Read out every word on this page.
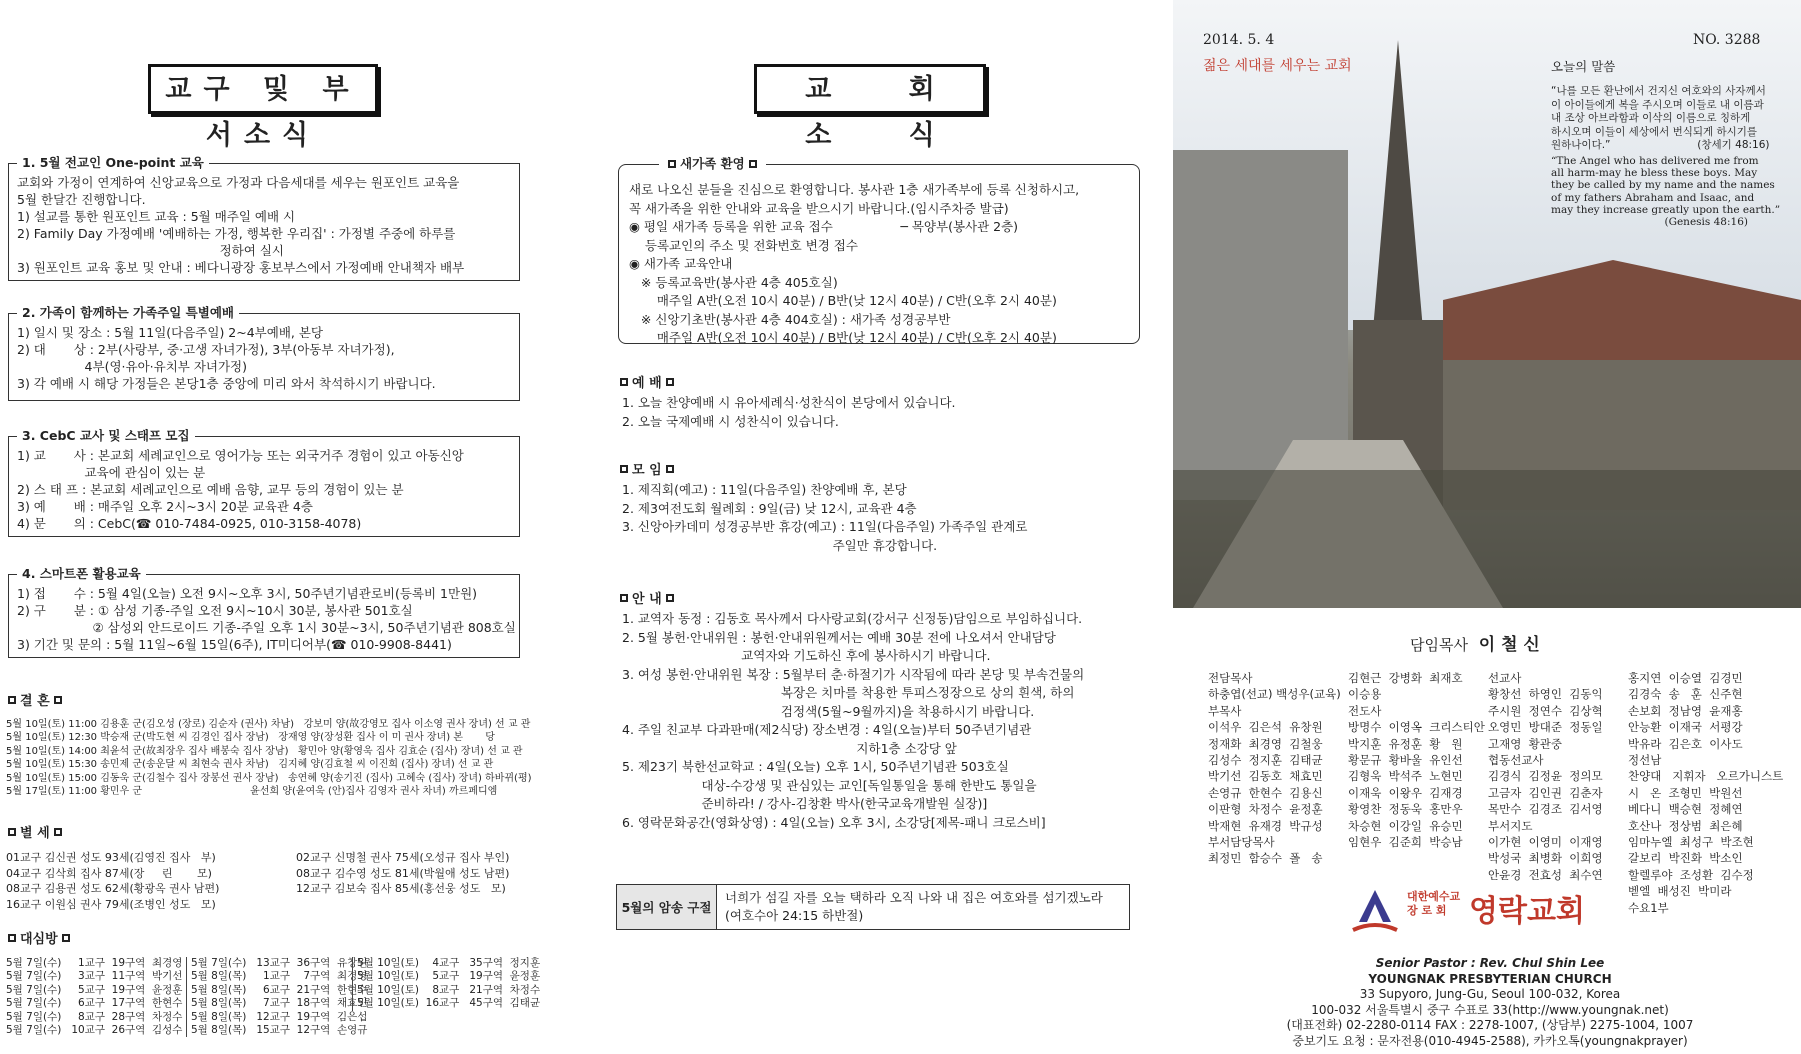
교구 및 부서소식
1. 5월 전교인 One-point 교육
교회와 가정이 연계하여 신앙교육으로 가정과 다음세대를 세우는 원포인트 교육을
5월 한달간 진행합니다.
1) 설교를 통한 원포인트 교육 : 5월 매주일 예배 시
2) Family Day 가정예배 '예배하는 가정, 행복한 우리집' : 가정별 주중에 하루를
정하여 실시
3) 원포인트 교육 홍보 및 안내 : 베다니광장 홍보부스에서 가정예배 안내책자 배부
2. 가족이 함께하는 가족주일 특별예배
1) 일시 및 장소 : 5월 11일(다음주일) 2~4부예배, 본당
2) 대       상 : 2부(사랑부, 중·고생 자녀가정), 3부(아동부 자녀가정),
4부(영·유아·유치부 자녀가정)
3) 각 예배 시 해당 가정들은 본당1층 중앙에 미리 와서 착석하시기 바랍니다.
3. CebC 교사 및 스태프 모집
1) 교       사 : 본교회 세례교인으로 영어가능 또는 외국거주 경험이 있고 아동신앙
교육에 관심이 있는 분
2) 스 태 프 : 본교회 세례교인으로 예배 음향, 교무 등의 경험이 있는 분
3) 예       배 : 매주일 오후 2시~3시 20분 교육관 4층
4) 문       의 : CebC(☎ 010-7484-0925, 010-3158-4078)
4. 스마트폰 활용교육
1) 접       수 : 5월 4일(오늘) 오전 9시~오후 3시, 50주년기념관로비(등록비 1만원)
2) 구       분 : ① 삼성 기종-주일 오전 9시~10시 30분, 봉사관 501호실
② 삼성외 안드로이드 기종-주일 오후 1시 30분~3시, 50주년기념관 808호실
3) 기간 및 문의 : 5월 11일~6월 15일(6주), IT미디어부(☎ 010-9908-8441)
결 혼
5월 10일(토) 11:00 김용훈 군(김오성 (장로) 김순자 (권사) 차남)   강보미 양(故강영모 집사 이소영 권사 장녀) 선 교 관
5월 10일(토) 12:30 박승재 군(박도현 씨 김경인 집사 장남)   장재영 양(장성환 집사 이 미 권사 장녀) 본       당
5월 10일(토) 14:00 최윤석 군(故최장우 집사 배봉숙 집사 장남)   황민아 양(황영욱 집사 김효순 (집사) 장녀) 선 교 관
5월 10일(토) 15:30 송민제 군(송운달 씨 최현숙 권사 차남)   김지혜 양(김효철 씨 이진희 (집사) 장녀) 선 교 관
5월 10일(토) 15:00 김동욱 군(김철수 집사 장봉선 권사 장남)   송연혜 양(송기진 (집사) 고혜숙 (집사) 장녀) 하바뀌(평)
5월 17일(토) 11:00 황민우 군                                  윤선희 양(윤여욱 (안)집사 김영자 권사 차녀) 까르페디엠
별 세
01교구 김신권 성도 93세(김영진 집사   부)
04교구 김삭희 집사 87세(장     린       모)
08교구 김용권 성도 62세(황광옥 권사 남편)
16교구 이원심 권사 79세(조병인 성도   모)
02교구 신명철 권사 75세(오성규 집사 부인)
08교구 김수영 성도 81세(박월애 성도 남편)
12교구 김보숙 집사 85세(홍선웅 성도   모)
대심방
5월 7일(수)     1교구  19구역  최경영
5월 7일(수)     3교구  11구역  박기선
5월 7일(수)     5교구  19구역  윤정훈
5월 7일(수)     6교구  17구역  한현수
5월 7일(수)     8교구  28구역  차정수
5월 7일(수)   10교구  26구역  김성수
5월 7일(수)   13교구  36구역  유창원
5월 8일(목)     1교구    7구역  최경영
5월 8일(목)     6교구  21구역  한현수
5월 8일(목)     7교구  18구역  채효민
5월 8일(목)   12교구  19구역  김은섭
5월 8일(목)   15교구  12구역  손영규
5월 10일(토)    4교구   35구역  정지훈
5월 10일(토)    5교구   19구역  윤정훈
5월 10일(토)    8교구   21구역  차정수
5월 10일(토)  16교구   45구역  김태균
교 회 소 식
새가족 환영
새로 나오신 분들을 진심으로 환영합니다. 봉사관 1층 새가족부에 등록 신청하시고,
꼭 새가족을 위한 안내와 교육을 받으시기 바랍니다.(임시주차증 발급)
◉ 평일 새가족 등록을 위한 교육 접수                 ─ 목양부(봉사관 2층)
등록교인의 주소 및 전화번호 변경 접수
◉ 새가족 교육안내
※ 등록교육반(봉사관 4층 405호실)
매주일 A반(오전 10시 40분) / B반(낮 12시 40분) / C반(오후 2시 40분)
※ 신앙기초반(봉사관 4층 404호실) : 새가족 성경공부반
매주일 A반(오전 10시 40분) / B반(낮 12시 40분) / C반(오후 2시 40분)
예 배
1. 오늘 찬양예배 시 유아세례식·성찬식이 본당에서 있습니다.
2. 오늘 국제예배 시 성찬식이 있습니다.
모 임
1. 제직회(예고) : 11일(다음주일) 찬양예배 후, 본당
2. 제3여전도회 월례회 : 9일(금) 낮 12시, 교육관 4층
3. 신앙아카데미 성경공부반 휴강(예고) : 11일(다음주일) 가족주일 관계로
주일만 휴강합니다.
안 내
1. 교역자 동정 : 김동호 목사께서 다사랑교회(강서구 신정동)담임으로 부임하십니다.
2. 5월 봉헌·안내위원 : 봉헌·안내위원께서는 예배 30분 전에 나오셔서 안내담당
교역자와 기도하신 후에 봉사하시기 바랍니다.
3. 여성 봉헌·안내위원 복장 : 5월부터 춘·하절기가 시작됨에 따라 본당 및 부속건물의
복장은 치마를 착용한 투피스정장으로 상의 흰색, 하의
검정색(5월~9월까지)을 착용하시기 바랍니다.
4. 주일 친교부 다과판매(제2식당) 장소변경 : 4일(오늘)부터 50주년기념관
지하1층 소강당 앞
5. 제23기 북한선교학교 : 4일(오늘) 오후 1시, 50주년기념관 503호실
대상-수강생 및 관심있는 교인[독일통일을 통해 한반도 통일을
준비하라! / 강사-김창환 박사(한국교육개발원 실장)]
6. 영락문화공간(영화상영) : 4일(오늘) 오후 3시, 소강당[제목-패니 크로스비]
5월의 암송 구절
너희가 섬길 자를 오늘 택하라 오직 나와 내 집은 여호와를 섬기겠노라
(여호수아 24:15 하반절)
2014. 5. 4	NO. 3288
젊은 세대를 세우는 교회	오늘의 말씀
“나를 모든 환난에서 건지신 여호와의 사자께서
이 아이들에게 복을 주시오며 이들로 내 이름과
내 조상 아브라함과 이삭의 이름으로 칭하게
하시오며 이들이 세상에서 번식되게 하시기를
원하나이다.”                          (창세기 48:16)
“The Angel who has delivered me from
all harm-may he bless these boys. May
they be called by my name and the names
of my fathers Abraham and Isaac, and
may they increase greatly upon the earth.”
(Genesis 48:16)
담임목사 이 철 신
전담목사
하충엽(선교) 백성우(교육)
부목사
이석우  김은석  유창원
정재화  최경영  김철웅
김성수  정지훈  김태균
박기선  김동호  채효민
손영규  한현수  김용신
이판형  차정수  윤정훈
박재현  유재경  박규성
부서담당목사
최정민  함승수  폴   송
김현근  강병화  최재호
이승용
전도사
방명수  이영옥  크리스티안
박지훈  유정훈  황   원
황문규  황바울  유인선
김형욱  박석주  노현민
이재욱  이왕우  김재경
황영찬  정동욱  홍만우
차승현  이강일  유승민
임현우  김준희  박승남
선교사
황창선  하영인  김동익
주시원  정연수  김상혁
오영민  방대준  정동일
고재영  황관중
협동선교사
김경식  김정윤  정의모
고금자  김인권  김춘자
목만수  김경조  김서영
부서지도
이가현  이영미  이재영
박성국  최병화  이희영
안윤경  전효성  최수연
홍지연  이승열  김경민
김경숙  송   훈  신주현
손보회  정남영  윤재홍
안능환  이재국  서평강
박유라  김은호  이사도
정선남
찬양대   지휘자   오르가니스트
시   온  조형민  박원선
베다니  백승현  정혜연
호산나  정상범  최은혜
임마누엘  최성구  박조현
갈보리  박진화  박소인
할렐루야  조성환  김수정
벧엘  배성진  박미라
수요1부
대한예수교 장 로 회 영락교회
Senior Pastor : Rev. Chul Shin Lee
YOUNGNAK PRESBYTERIAN CHURCH
33 Supyoro, Jung-Gu, Seoul 100-032, Korea
100-032 서울특별시 중구 수표로 33(http://www.youngnak.net)
(대표전화) 02-2280-0114 FAX : 2278-1007, (상담부) 2275-1004, 1007
중보기도 요청 : 문자전용(010-4945-2588), 카카오톡(youngnakprayer)
